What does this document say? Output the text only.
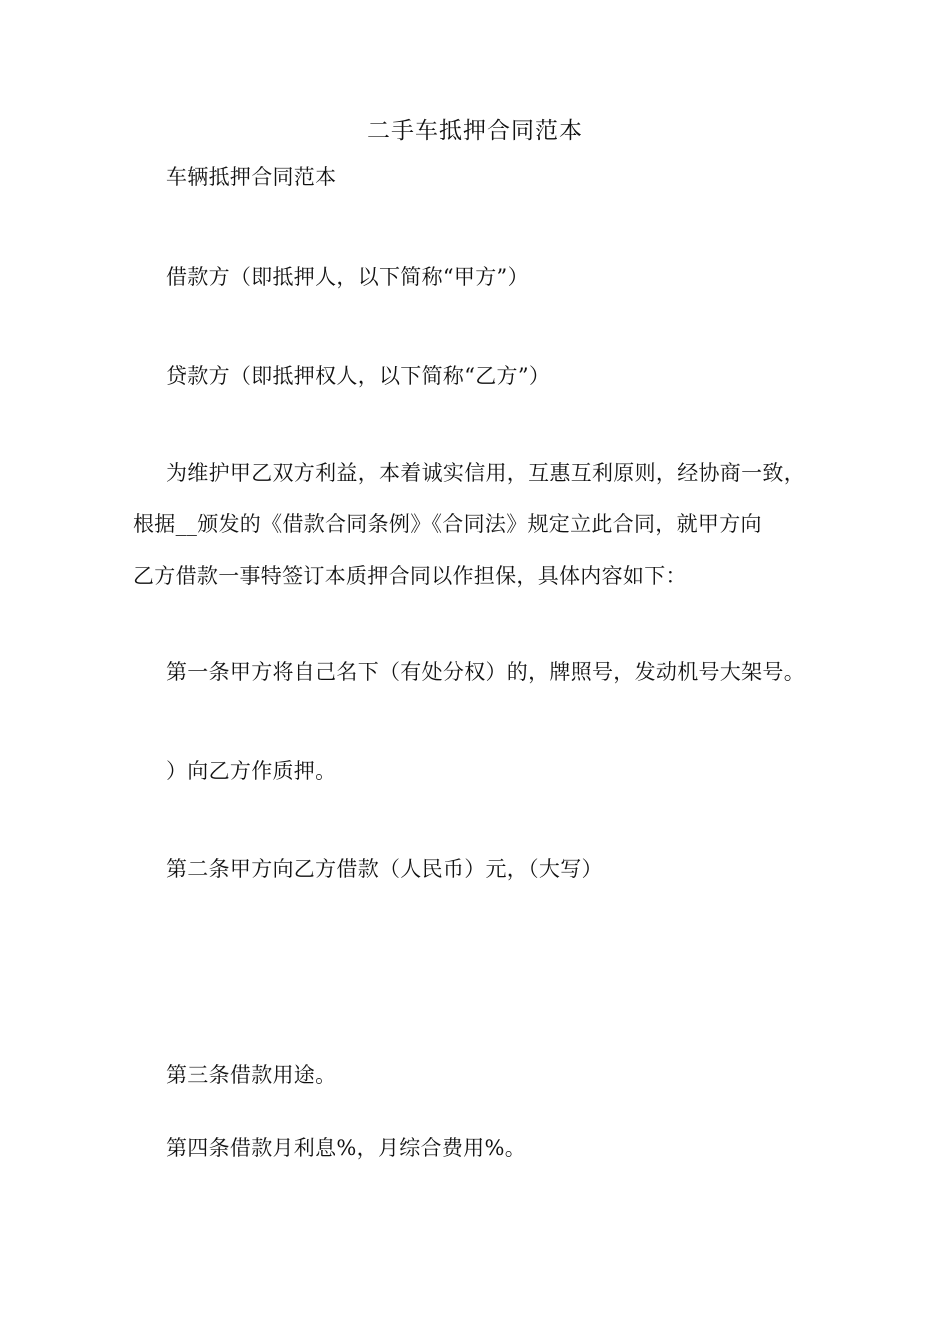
二手车抵押合同范本
车辆抵押合同范本
借款方（即抵押人，以下简称“甲方”）
贷款方（即抵押权人，以下简称“乙方”）
为维护甲乙双方利益，本着诚实信用，互惠互利原则，经协商一致，
根据__颁发的《借款合同条例》《合同法》规定立此合同，就甲方向
乙方借款一事特签订本质押合同以作担保，具体内容如下：
第一条甲方将自己名下（有处分权）的，牌照号，发动机号大架号。
）向乙方作质押。
第二条甲方向乙方借款（人民币）元，（大写）
第三条借款用途。
第四条借款月利息%，月综合费用%。
